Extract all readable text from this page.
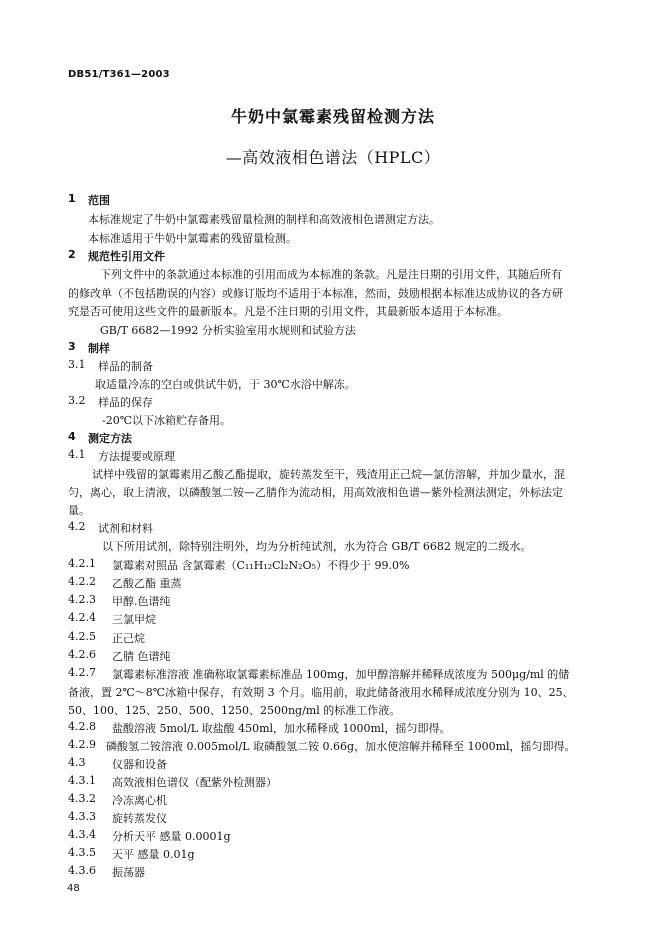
DB51/T361—2003
牛奶中氯霉素残留检测方法
—高效液相色谱法（HPLC）
1 范围
本标准规定了牛奶中氯霉素残留量检测的制样和高效液相色谱测定方法。
本标准适用于牛奶中氯霉素的残留量检测。
2 规范性引用文件
下列文件中的条款通过本标准的引用而成为本标准的条款。凡是注日期的引用文件，其随后所有
的修改单（不包括勘误的内容）或修订版均不适用于本标准，然而，鼓励根据本标准达成协议的各方研
究是否可使用这些文件的最新版本。凡是不注日期的引用文件，其最新版本适用于本标准。
GB/T 6682—1992 分析实验室用水规则和试验方法
3 制样
3.1 样品的制备
取适量冷冻的空白或供试牛奶，于 30℃水浴中解冻。
3.2 样品的保存
-20℃以下冰箱贮存备用。
4 测定方法
4.1 方法提要或原理
试样中残留的氯霉素用乙酸乙酯提取，旋转蒸发至干，残渣用正己烷—氯仿溶解，并加少量水，混
匀，离心，取上清液，以磷酸氢二铵—乙腈作为流动相，用高效液相色谱—紫外检测法测定，外标法定
量。
4.2 试剂和材料
以下所用试剂，除特别注明外，均为分析纯试剂，水为符合 GB/T 6682 规定的二级水。
4.2.1 氯霉素对照品 含氯霉素（C₁₁H₁₂Cl₂N₂O₅）不得少于 99.0%
4.2.2 乙酸乙酯 重蒸
4.2.3 甲醇.色谱纯
4.2.4 三氯甲烷
4.2.5 正己烷
4.2.6 乙腈 色谱纯
4.2.7 氯霉素标准溶液 准确称取氯霉素标准品 100mg，加甲醇溶解并稀释成浓度为 500μg/ml 的储
备液，置 2℃～8℃冰箱中保存，有效期 3 个月。临用前，取此储备液用水稀释成浓度分别为 10、25、
50、100、125、250、500、1250、2500ng/ml 的标准工作液。
4.2.8 盐酸溶液 5mol/L 取盐酸 450ml，加水稀释成 1000ml，摇匀即得。
4.2.9 磷酸氢二铵溶液 0.005mol/L 取磷酸氢二铵 0.66g，加水使溶解并稀释至 1000ml，摇匀即得。
4.3 仪器和设备
4.3.1 高效液相色谱仪（配紫外检测器）
4.3.2 冷冻离心机
4.3.3 旋转蒸发仪
4.3.4 分析天平 感量 0.0001g
4.3.5 天平 感量 0.01g
4.3.6 振荡器
48
